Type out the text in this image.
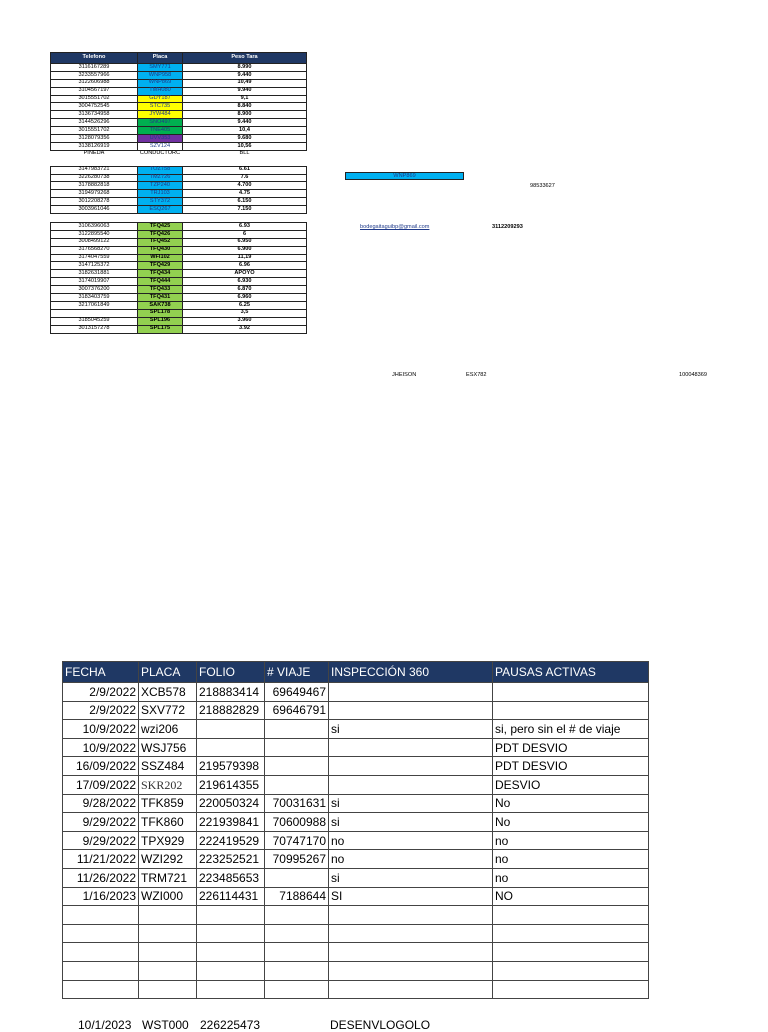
Telefono	Placa	Peso Tara
3116167289	SMY771	8.990
3233557966	WNP958	9.440
3122606988	WNP869	10,49
3104567197	TMH080	9.940
3015551702	GDY187	9,1
3004752545	STC735	8.840
3136734958	JYW484	8.900
3144526296	SNO497	9.440
3015551702	TNE405	10,4
3128079356	UVV353	9.680
3138126919	SZV124	10,56
PINEDA	CONDUCTORC	BLL

3147983721	TOZ758	6.61
3226280738	TMZ726	7.6
3178882818	TZP240	4.700
3194979268	TRJ103	4.75
3012208278	STY372	6.150
3003961046	ESQ267	7.150

3106396063	TFQ425	6.93
3122895540	TFQ426	6
3008499122	TFQ452	6.950
3176568270	TFQ430	6.900
3174047559	WFI102	11,19
3147125372	TFQ429	6.96
3182631881	TFQ434	APOYO
3174019907	TFQ444	6.930
3007376200	TFQ433	6.870
3183403759	TFQ431	6.960
3217061849	SAK738	6.25
	SPL178	3,5
3185045259	SPL196	3.960
3013157278	SPL175	3.92
WNP869
98533627
bodegaitaguibp@gmail.com	3112209293
JHEISON	ESX782	100048369
FECHA	PLACA	FOLIO	# VIAJE	INSPECCIÓN 360	PAUSAS ACTIVAS
2/9/2022	XCB578	218883414	69649467		
2/9/2022	SXV772	218882829	69646791		
10/9/2022	wzi206			si	si, pero sin el # de viaje
10/9/2022	WSJ756				PDT DESVIO
16/09/2022	SSZ484	219579398			PDT DESVIO
17/09/2022	SKR202	219614355			DESVIO
9/28/2022	TFK859	220050324	70031631	si	No
9/29/2022	TFK860	221939841	70600988	si	No
9/29/2022	TPX929	222419529	70747170	no	no
11/21/2022	WZI292	223252521	70995267	no	no
11/26/2022	TRM721	223485653		si	no
1/16/2023	WZI000	226114431	7188644	SI	NO

10/1/2023 WST000 226225473	DESENVLOGOLO
